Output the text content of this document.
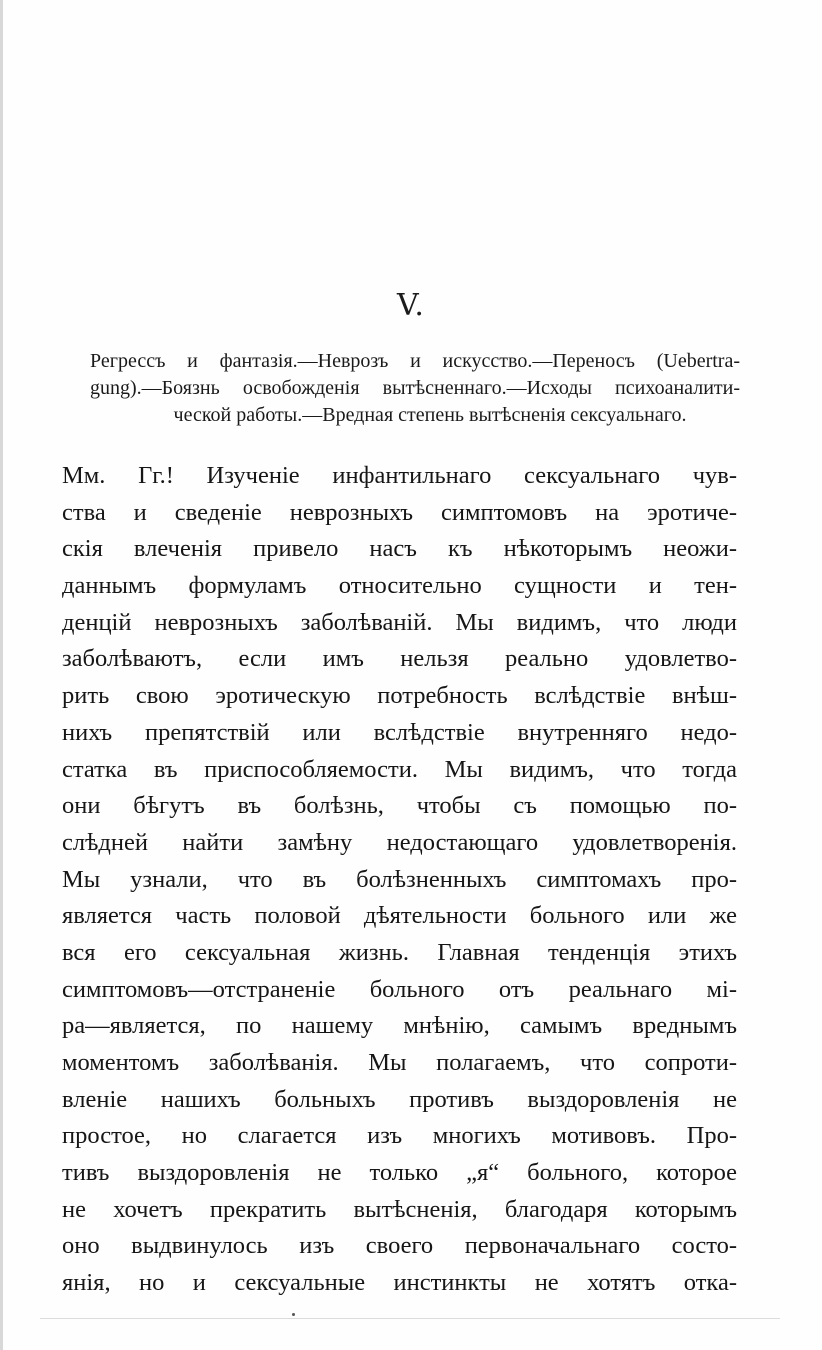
V.
Регрессъ и фантазія.—Неврозъ и искусство.—Переносъ (Uebertra-
gung).—Боязнь освобожденія вытѣсненнаго.—Исходы психоаналити-
ческой работы.—Вредная степень вытѣсненія сексуальнаго.
Мм. Гг.! Изученіе инфантильнаго сексуальнаго чув-
ства и сведеніе неврозныхъ симптомовъ на эротиче-
скія влеченія привело насъ къ нѣкоторымъ неожи-
даннымъ формуламъ относительно сущности и тен-
денцій неврозныхъ заболѣваній. Мы видимъ, что люди
заболѣваютъ, если имъ нельзя реально удовлетво-
рить свою эротическую потребность вслѣдствіе внѣш-
нихъ препятствій или вслѣдствіе внутренняго недо-
статка въ приспособляемости. Мы видимъ, что тогда
они бѣгутъ въ болѣзнь, чтобы съ помощью по-
слѣдней найти замѣну недостающаго удовлетворенія.
Мы узнали, что въ болѣзненныхъ симптомахъ про-
являeтся часть половой дѣятельности больного или же
вся его сексуальная жизнь. Главная тенденція этихъ
симптомовъ—отстраненіе больного отъ реальнаго мі-
ра—является, по нашему мнѣнію, самымъ вреднымъ
моментомъ заболѣванія. Мы полагаемъ, что сопроти-
вленіе нашихъ больныхъ противъ выздоровленія не
простое, но слагается изъ многихъ мотивовъ. Про-
тивъ выздоровленія не только „я“ больного, которое
не хочетъ прекратить вытѣсненія, благодаря которымъ
оно выдвинулось изъ своего первоначальнаго состо-
янія, но и сексуальные инстинкты не хотятъ отка-
